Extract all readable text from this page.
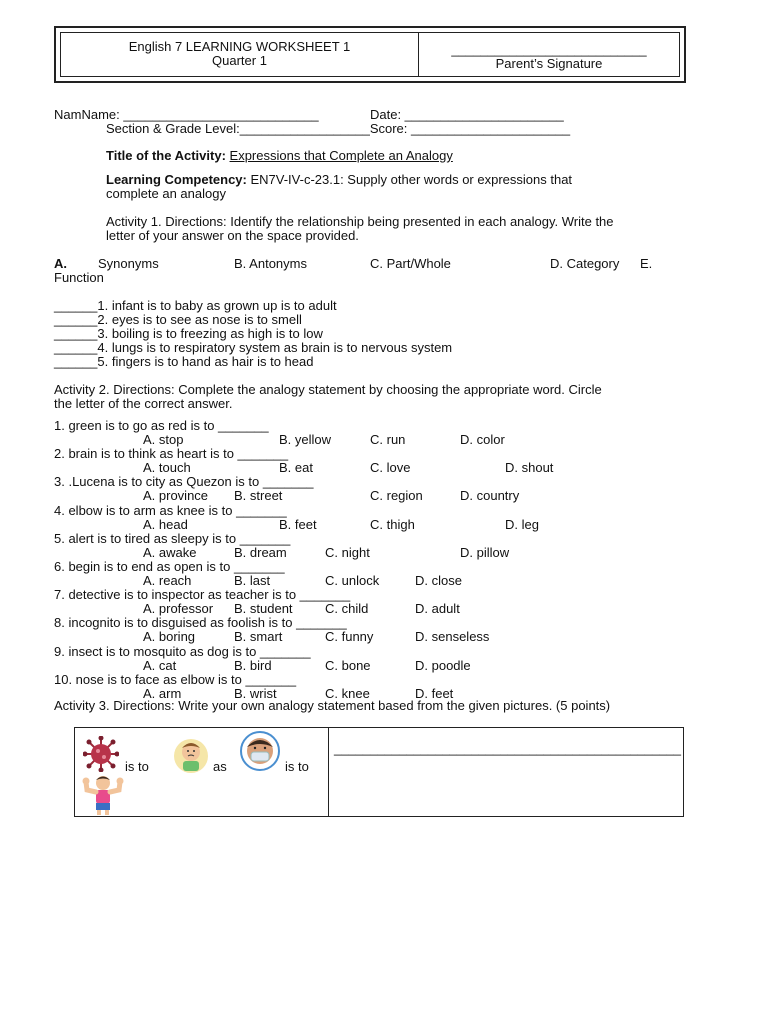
English 7 LEARNING WORKSHEET 1
Quarter 1
___________________________
Parent’s Signature
NamName: ___________________________	Date: ______________________
Section & Grade Level:__________________Score: ______________________
Title of the Activity: Expressions that Complete an Analogy
Learning Competency: EN7V-IV-c-23.1: Supply other words or expressions that
complete an analogy
Activity 1. Directions: Identify the relationship being presented in each analogy. Write the
letter of your answer on the space provided.
A. Synonyms	B. Antonyms	C. Part/Whole	D. Category E.
Function
______1. infant is to baby as grown up is to adult
______2. eyes is to see as nose is to smell
______3. boiling is to freezing as high is to low
______4. lungs is to respiratory system as brain is to nervous system
______5. fingers is to hand as hair is to head
Activity 2. Directions: Complete the analogy statement by choosing the appropriate word. Circle
the letter of the correct answer.
1. green is to go as red is to _______
A. stop	B. yellow	C. run	D. color
2. brain is to think as heart is to _______
A. touch	B. eat	C. love	D. shout
3. .Lucena is to city as Quezon is to _______
A. province B. street	C. region	D. country
4. elbow is to arm as knee is to _______
A. head	B. feet	C. thigh	D. leg
5. alert is to tired as sleepy is to _______
A. awake	B. dream	C. night	D. pillow
6. begin is to end as open is to _______
A. reach	B. last	C. unlock	D. close
7. detective is to inspector as teacher is to _______
A. professor B. student C. child	D. adult
8. incognito is to disguised as foolish is to _______
A. boring	B. smart	C. funny	D. senseless
9. insect is to mosquito as dog is to _______
A. cat	B. bird	C. bone	D. poodle
10. nose is to face as elbow is to _______
A. arm	B. wrist	C. knee	D. feet
Activity 3. Directions: Write your own analogy statement based from the given pictures. (5 points)
is to	as	is to
________________________________________________
